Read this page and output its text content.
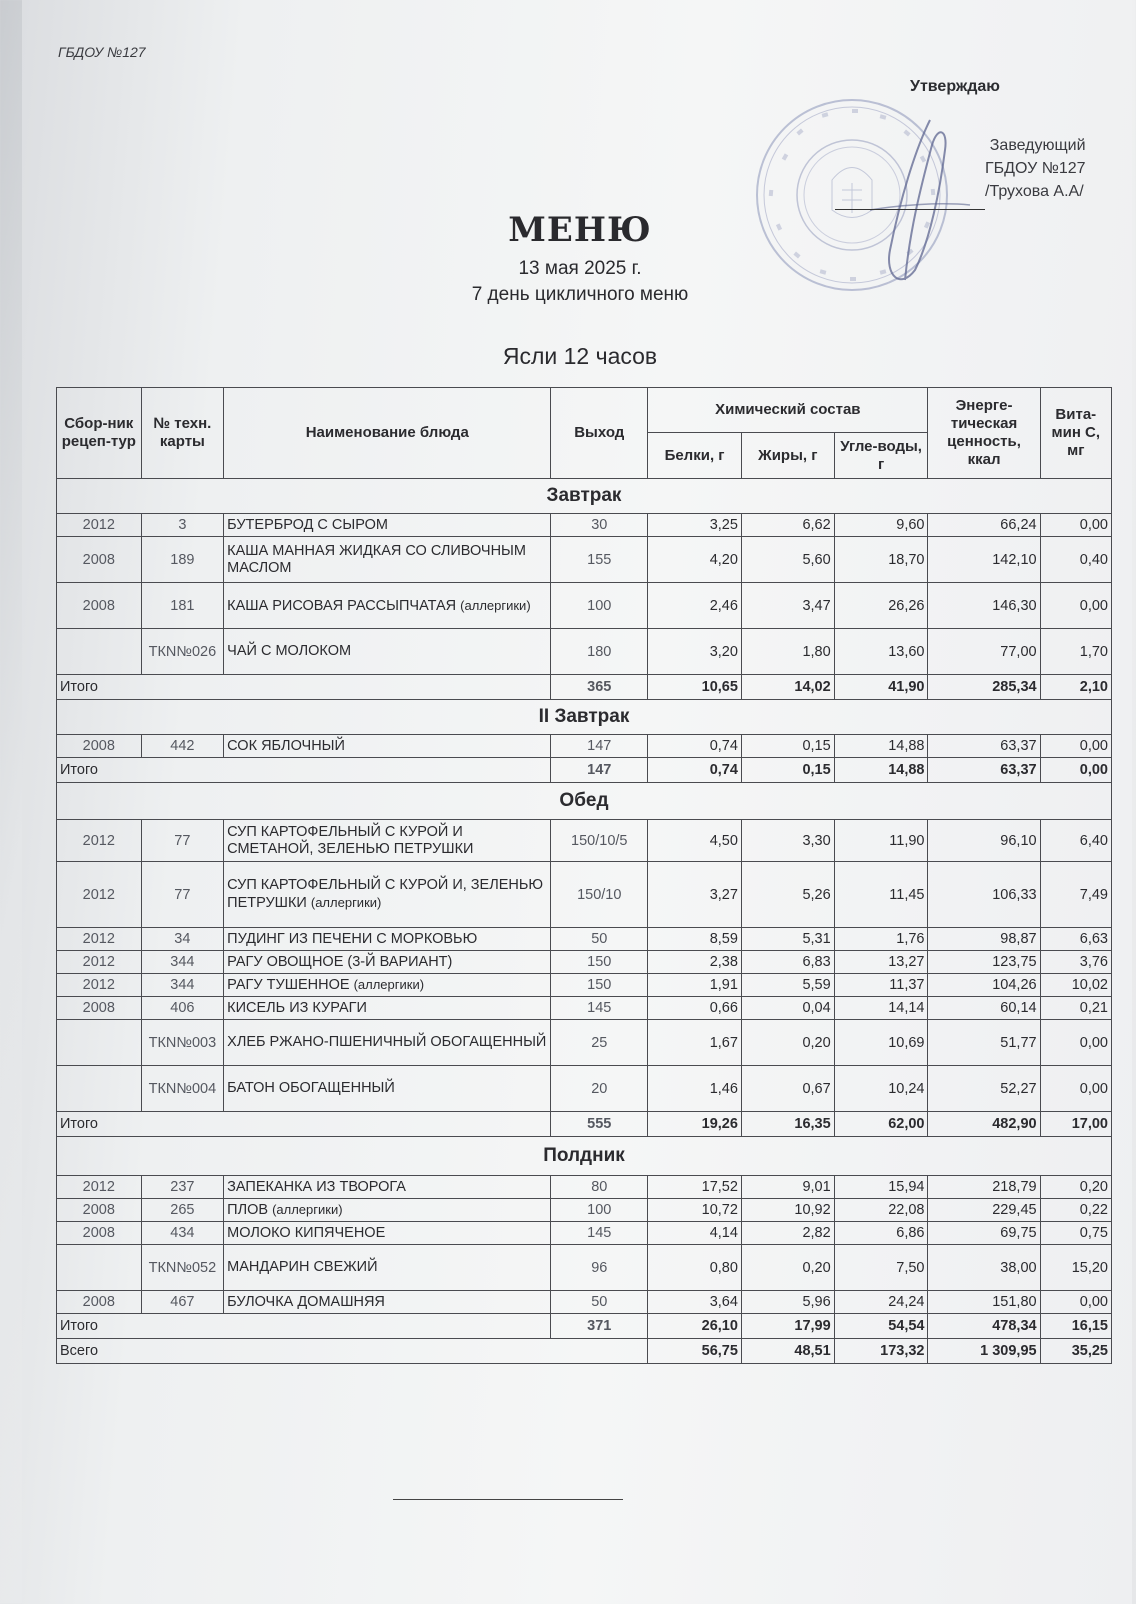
ГБДОУ №127
Утверждаю
Заведующий
ГБДОУ №127
/Трухова А.А/
МЕНЮ
13 мая 2025 г.
7 день цикличного меню
Ясли 12 часов
Сбор-ник рецеп-тур	№ техн. карты	Наименование блюда	Выход	Химический состав			Энерге-тическая ценность, ккал	Вита-мин С, мг
				Белки, г	Жиры, г	Угле-воды, г		
Завтрак								
2012	3	БУТЕРБРОД С СЫРОМ	30	3,25	6,62	9,60	66,24	0,00
2008	189	КАША МАННАЯ ЖИДКАЯ СО СЛИВОЧНЫМ МАСЛОМ	155	4,20	5,60	18,70	142,10	0,40
2008	181	КАША РИСОВАЯ РАССЫПЧАТАЯ (аллергики)	100	2,46	3,47	26,26	146,30	0,00
	ТКN№026	ЧАЙ С МОЛОКОМ	180	3,20	1,80	13,60	77,00	1,70
Итого			365	10,65	14,02	41,90	285,34	2,10
II Завтрак								
2008	442	СОК ЯБЛОЧНЫЙ	147	0,74	0,15	14,88	63,37	0,00
Итого			147	0,74	0,15	14,88	63,37	0,00
Обед								
2012	77	СУП КАРТОФЕЛЬНЫЙ С КУРОЙ И СМЕТАНОЙ, ЗЕЛЕНЬЮ ПЕТРУШКИ	150/10/5	4,50	3,30	11,90	96,10	6,40
2012	77	СУП КАРТОФЕЛЬНЫЙ С КУРОЙ И, ЗЕЛЕНЬЮ ПЕТРУШКИ (аллергики)	150/10	3,27	5,26	11,45	106,33	7,49
2012	34	ПУДИНГ ИЗ ПЕЧЕНИ С МОРКОВЬЮ	50	8,59	5,31	1,76	98,87	6,63
2012	344	РАГУ ОВОЩНОЕ (3-Й ВАРИАНТ)	150	2,38	6,83	13,27	123,75	3,76
2012	344	РАГУ ТУШЕННОЕ (аллергики)	150	1,91	5,59	11,37	104,26	10,02
2008	406	КИСЕЛЬ ИЗ КУРАГИ	145	0,66	0,04	14,14	60,14	0,21
	ТКN№003	ХЛЕБ РЖАНО-ПШЕНИЧНЫЙ ОБОГАЩЕННЫЙ	25	1,67	0,20	10,69	51,77	0,00
	ТКN№004	БАТОН ОБОГАЩЕННЫЙ	20	1,46	0,67	10,24	52,27	0,00
Итого			555	19,26	16,35	62,00	482,90	17,00
Полдник								
2012	237	ЗАПЕКАНКА ИЗ ТВОРОГА	80	17,52	9,01	15,94	218,79	0,20
2008	265	ПЛОВ (аллергики)	100	10,72	10,92	22,08	229,45	0,22
2008	434	МОЛОКО КИПЯЧЕНОЕ	145	4,14	2,82	6,86	69,75	0,75
	ТКN№052	МАНДАРИН СВЕЖИЙ	96	0,80	0,20	7,50	38,00	15,20
2008	467	БУЛОЧКА ДОМАШНЯЯ	50	3,64	5,96	24,24	151,80	0,00
Итого			371	26,10	17,99	54,54	478,34	16,15
Всего				56,75	48,51	173,32	1 309,95	35,25
